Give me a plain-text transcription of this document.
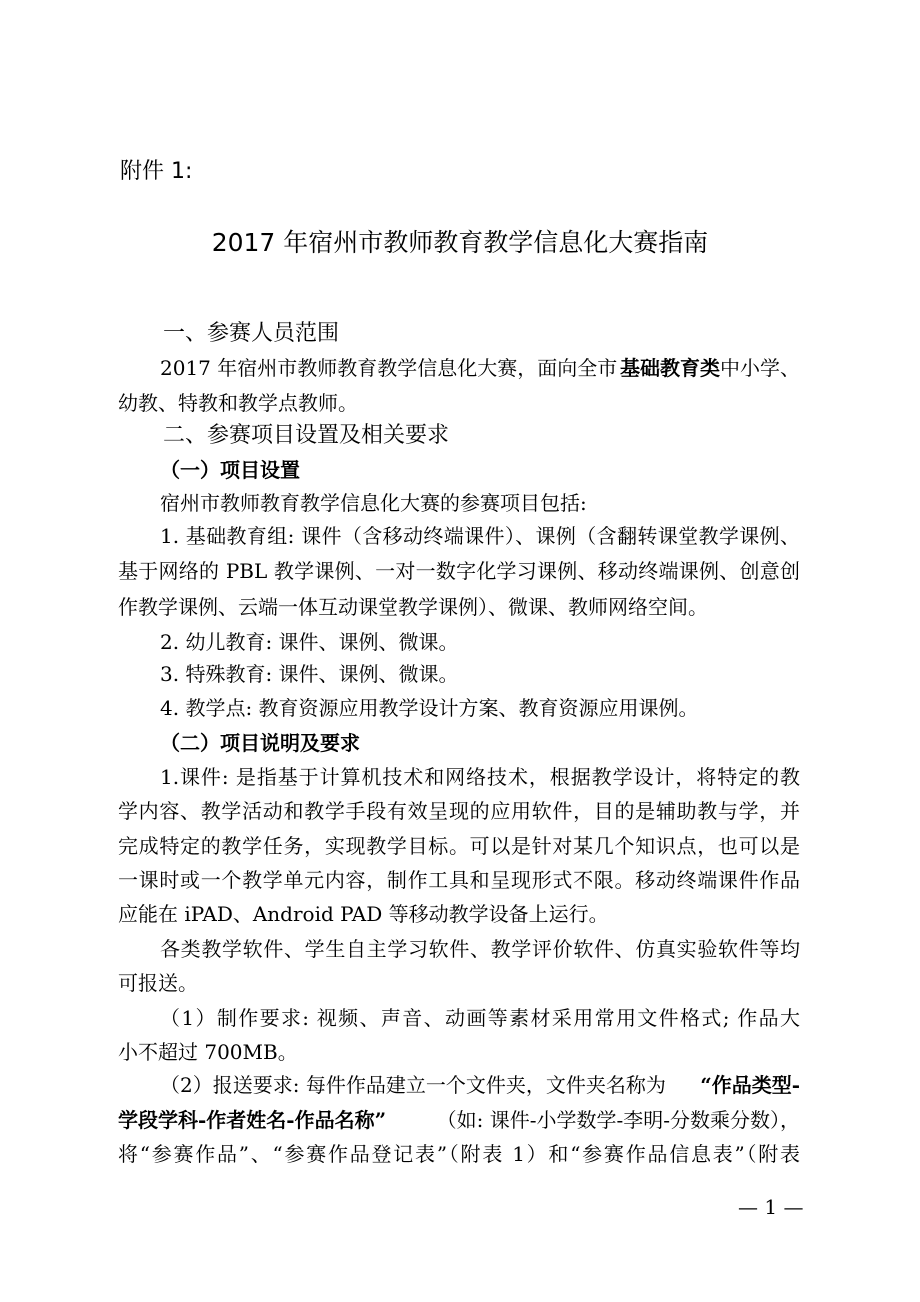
附件 1:
2017 年宿州市教师教育教学信息化大赛指南
一、参赛人员范围
2017 年宿州市教师教育教学信息化大赛，面向全市 基础教育类 中小学、
幼教、特教和教学点教师。
二、参赛项目设置及相关要求
（一）项目设置
宿州市教师教育教学信息化大赛的参赛项目包括:
1. 基础教育组: 课件（含移动终端课件）、课例（含翻转课堂教学课例、
基于网络的 PBL 教学课例、一对一数字化学习课例、移动终端课例、创意创
作教学课例、云端一体互动课堂教学课例）、微课、教师网络空间。
2. 幼儿教育: 课件、课例、微课。
3. 特殊教育: 课件、课例、微课。
4. 教学点: 教育资源应用教学设计方案、教育资源应用课例。
（二）项目说明及要求
1.课件: 是指基于计算机技术和网络技术，根据教学设计，将特定的教
学内容、教学活动和教学手段有效呈现的应用软件，目的是辅助教与学，并
完成特定的教学任务，实现教学目标。可以是针对某几个知识点，也可以是
一课时或一个教学单元内容，制作工具和呈现形式不限。移动终端课件作品
应能在 iPAD、Android PAD 等移动教学设备上运行。
各类教学软件、学生自主学习软件、教学评价软件、仿真实验软件等均
可报送。
（1）制作要求: 视频、声音、动画等素材采用常用文件格式; 作品大
小不超过 700MB。
（2）报送要求: 每件作品建立一个文件夹，文件夹名称为 “作品类型-
学段学科-作者姓名-作品名称”	（如: 课件-小学数学-李明-分数乘分数），
将“参赛作品”、“参赛作品登记表”（附表 1）和“参赛作品信息表”（附表
— 1 —
